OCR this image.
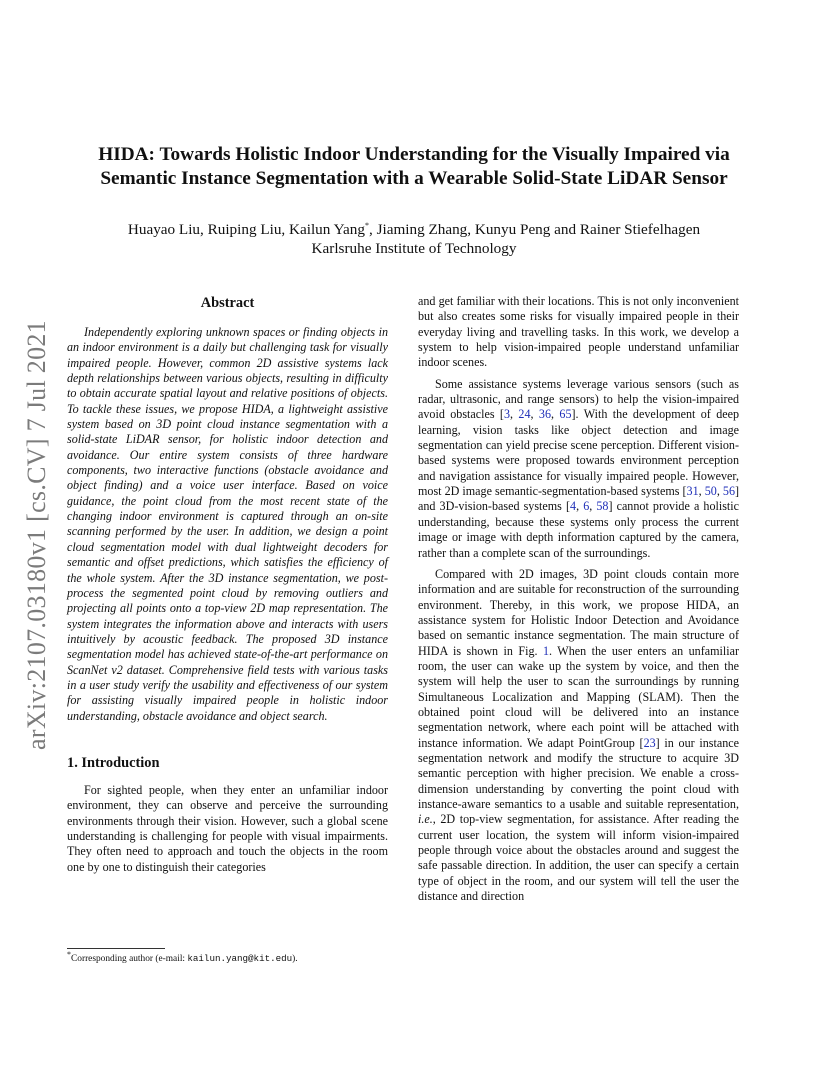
arXiv:2107.03180v1 [cs.CV] 7 Jul 2021
HIDA: Towards Holistic Indoor Understanding for the Visually Impaired via
Semantic Instance Segmentation with a Wearable Solid-State LiDAR Sensor
Huayao Liu, Ruiping Liu, Kailun Yang*, Jiaming Zhang, Kunyu Peng and Rainer Stiefelhagen
Karlsruhe Institute of Technology
Abstract

Independently exploring unknown spaces or finding objects in an indoor environment is a daily but challenging task for visually impaired people. However, common 2D assistive systems lack depth relationships between various objects, resulting in difficulty to obtain accurate spatial layout and relative positions of objects. To tackle these issues, we propose HIDA, a lightweight assistive system based on 3D point cloud instance segmentation with a solid-state LiDAR sensor, for holistic indoor detection and avoidance. Our entire system consists of three hardware components, two interactive functions (obstacle avoidance and object finding) and a voice user interface. Based on voice guidance, the point cloud from the most recent state of the changing indoor environment is captured through an on-site scanning performed by the user. In addition, we design a point cloud segmentation model with dual lightweight decoders for semantic and offset predictions, which satisfies the efficiency of the whole system. After the 3D instance segmentation, we post-process the segmented point cloud by removing outliers and projecting all points onto a top-view 2D map representation. The system integrates the information above and interacts with users intuitively by acoustic feedback. The proposed 3D instance segmentation model has achieved state-of-the-art performance on ScanNet v2 dataset. Comprehensive field tests with various tasks in a user study verify the usability and effectiveness of our system for assisting visually impaired people in holistic indoor understanding, obstacle avoidance and object search.

1. Introduction

For sighted people, when they enter an unfamiliar indoor environment, they can observe and perceive the surrounding environments through their vision. However, such a global scene understanding is challenging for people with visual impairments. They often need to approach and touch the objects in the room one by one to distinguish their categories

and get familiar with their locations. This is not only inconvenient but also creates some risks for visually impaired people in their everyday living and travelling tasks. In this work, we develop a system to help vision-impaired people understand unfamiliar indoor scenes.

Some assistance systems leverage various sensors (such as radar, ultrasonic, and range sensors) to help the vision-impaired avoid obstacles [3, 24, 36, 65]. With the development of deep learning, vision tasks like object detection and image segmentation can yield precise scene perception. Different vision-based systems were proposed towards environment perception and navigation assistance for visually impaired people. However, most 2D image semantic-segmentation-based systems [31, 50, 56] and 3D-vision-based systems [4, 6, 58] cannot provide a holistic understanding, because these systems only process the current image or image with depth information captured by the camera, rather than a complete scan of the surroundings.

Compared with 2D images, 3D point clouds contain more information and are suitable for reconstruction of the surrounding environment. Thereby, in this work, we propose HIDA, an assistance system for Holistic Indoor Detection and Avoidance based on semantic instance segmentation. The main structure of HIDA is shown in Fig. 1. When the user enters an unfamiliar room, the user can wake up the system by voice, and then the system will help the user to scan the surroundings by running Simultaneous Localization and Mapping (SLAM). Then the obtained point cloud will be delivered into an instance segmentation network, where each point will be attached with instance information. We adapt PointGroup [23] in our instance segmentation network and modify the structure to acquire 3D semantic perception with higher precision. We enable a cross-dimension understanding by converting the point cloud with instance-aware semantics to a usable and suitable representation, i.e., 2D top-view segmentation, for assistance. After reading the current user location, the system will inform vision-impaired people through voice about the obstacles around and suggest the safe passable direction. In addition, the user can specify a certain type of object in the room, and our system will tell the user the distance and direction

*Corresponding author (e-mail: kailun.yang@kit.edu).
